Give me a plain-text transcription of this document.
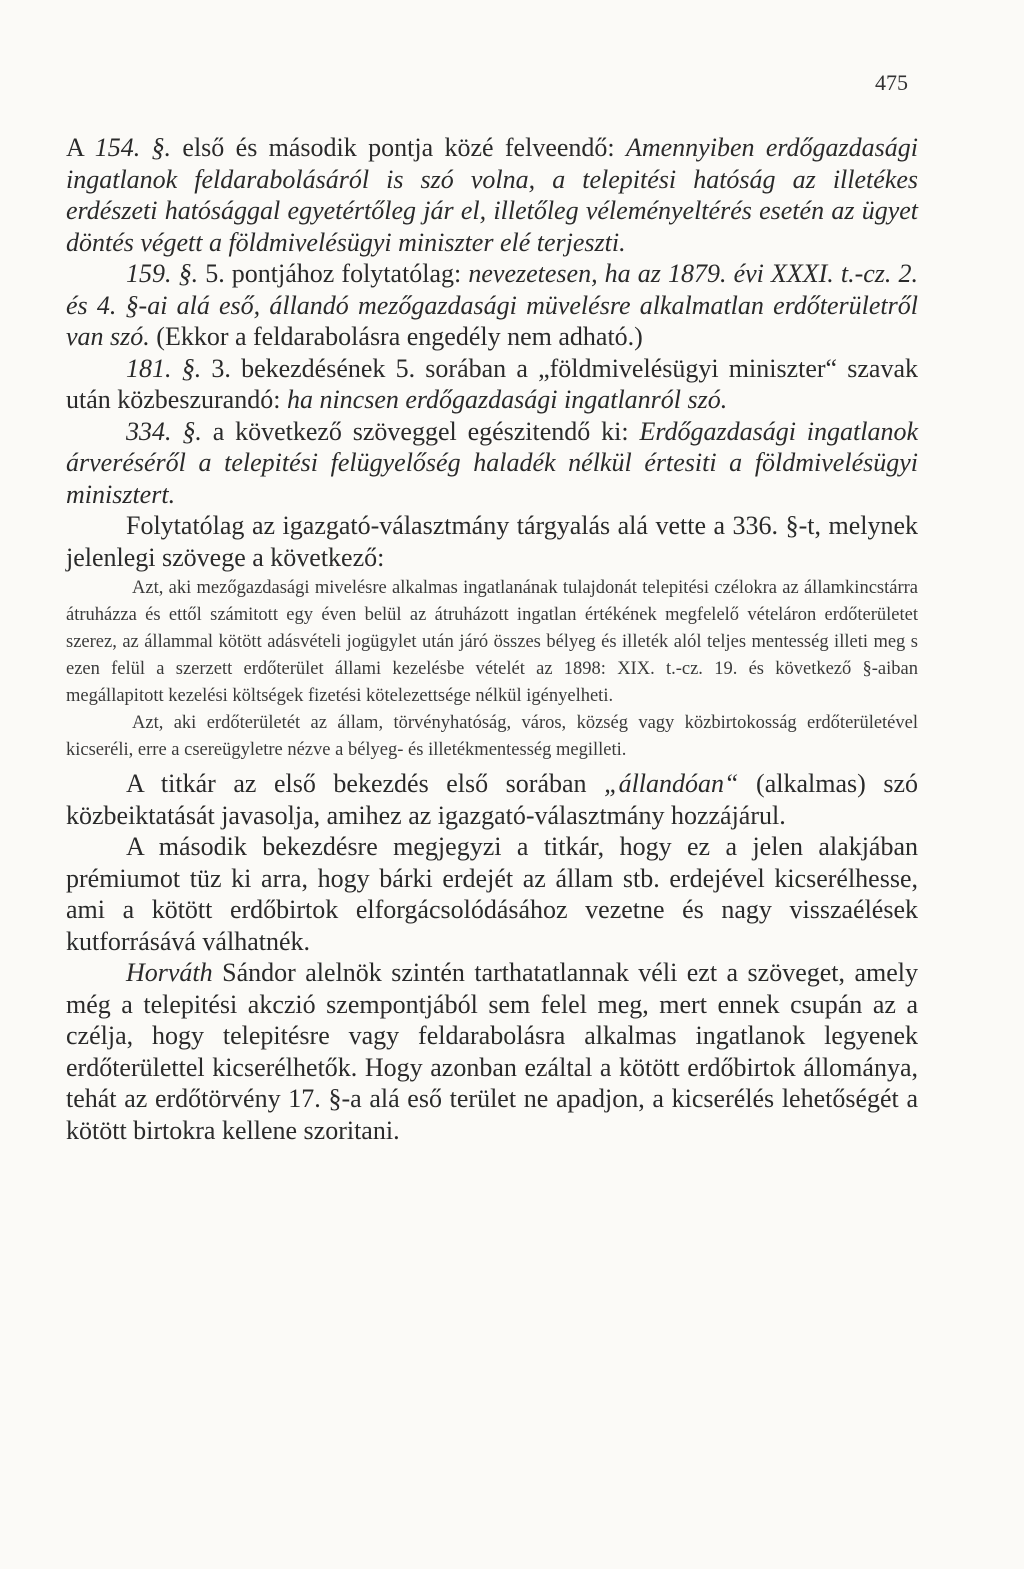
475

A 154. §. első és második pontja közé felveendő: Amennyiben erdőgazdasági ingatlanok feldarabolásáról is szó volna, a telepitési hatóság az illetékes erdészeti hatósággal egyetértőleg jár el, illetőleg véleményeltérés esetén az ügyet döntés végett a földmivelésügyi miniszter elé terjeszti.

159. §. 5. pontjához folytatólag: nevezetesen, ha az 1879. évi XXXI. t.-cz. 2. és 4. §-ai alá eső, állandó mezőgazdasági müvelésre alkalmatlan erdőterületről van szó. (Ekkor a feldarabolásra engedély nem adható.)

181. §. 3. bekezdésének 5. sorában a „földmivelésügyi miniszter“ szavak után közbeszurandó: ha nincsen erdőgazdasági ingatlanról szó.

334. §. a következő szöveggel egészitendő ki: Erdőgazdasági ingatlanok árveréséről a telepitési felügyelőség haladék nélkül értesiti a földmivelésügyi minisztert.

Folytatólag az igazgató-választmány tárgyalás alá vette a 336. §-t, melynek jelenlegi szövege a következő:

Azt, aki mezőgazdasági mivelésre alkalmas ingatlanának tulajdonát telepitési czélokra az államkincstárra átruházza és ettől számitott egy éven belül az átruházott ingatlan értékének megfelelő vételáron erdőterületet szerez, az állammal kötött adásvételi jogügylet után járó összes bélyeg és illeték alól teljes mentesség illeti meg s ezen felül a szerzett erdőterület állami kezelésbe vételét az 1898: XIX. t.-cz. 19. és következő §-aiban megállapitott kezelési költségek fizetési kötelezettsége nélkül igényelheti.

Azt, aki erdőterületét az állam, törvényhatóság, város, község vagy közbirtokosság erdőterületével kicseréli, erre a csereügyletre nézve a bélyeg- és illetékmentesség megilleti.

A titkár az első bekezdés első sorában „állandóan“ (alkalmas) szó közbeiktatását javasolja, amihez az igazgató-választmány hozzájárul.

A második bekezdésre megjegyzi a titkár, hogy ez a jelen alakjában prémiumot tüz ki arra, hogy bárki erdejét az állam stb. erdejével kicserélhesse, ami a kötött erdőbirtok elforgácsolódásához vezetne és nagy visszaélések kutforrásává válhatnék.

Horváth Sándor alelnök szintén tarthatatlannak véli ezt a szöveget, amely még a telepitési akczió szempontjából sem felel meg, mert ennek csupán az a czélja, hogy telepitésre vagy feldarabolásra alkalmas ingatlanok legyenek erdőterülettel kicserélhetők. Hogy azonban ezáltal a kötött erdőbirtok állománya, tehát az erdőtörvény 17. §-a alá eső terület ne apadjon, a kicserélés lehetőségét a kötött birtokra kellene szoritani.
